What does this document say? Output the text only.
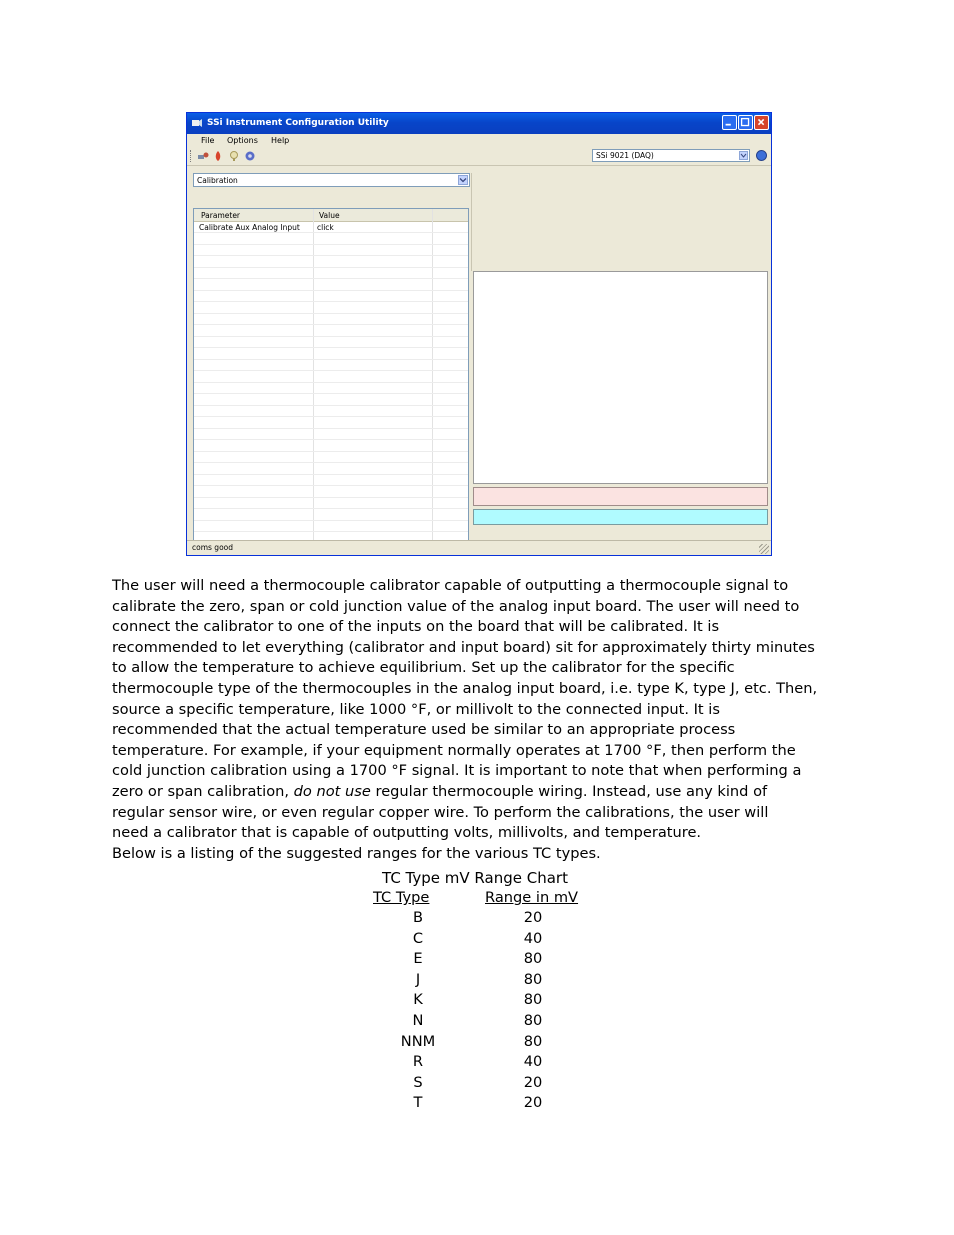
SSi Instrument Configuration Utility
File Options Help
SSi 9021 (DAQ)
Calibration
Parameter	Value
Calibrate Aux Analog Input click
coms good
The user will need a thermocouple calibrator capable of outputting a thermocouple signal to
calibrate the zero, span or cold junction value of the analog input board. The user will need to
connect the calibrator to one of the inputs on the board that will be calibrated. It is
recommended to let everything (calibrator and input board) sit for approximately thirty minutes
to allow the temperature to achieve equilibrium. Set up the calibrator for the specific
thermocouple type of the thermocouples in the analog input board, i.e. type K, type J, etc. Then,
source a specific temperature, like 1000 °F, or millivolt to the connected input. It is
recommended that the actual temperature used be similar to an appropriate process
temperature. For example, if your equipment normally operates at 1700 °F, then perform the
cold junction calibration using a 1700 °F signal. It is important to note that when performing a
zero or span calibration, do not use regular thermocouple wiring. Instead, use any kind of
regular sensor wire, or even regular copper wire. To perform the calibrations, the user will
need a calibrator that is capable of outputting volts, millivolts, and temperature.
Below is a listing of the suggested ranges for the various TC types.
TC Type mV Range Chart
TC Type	Range in mV
B	20
C	40
E	80
J	80
K	80
N	80
NNM	80
R	40
S	20
T	20
